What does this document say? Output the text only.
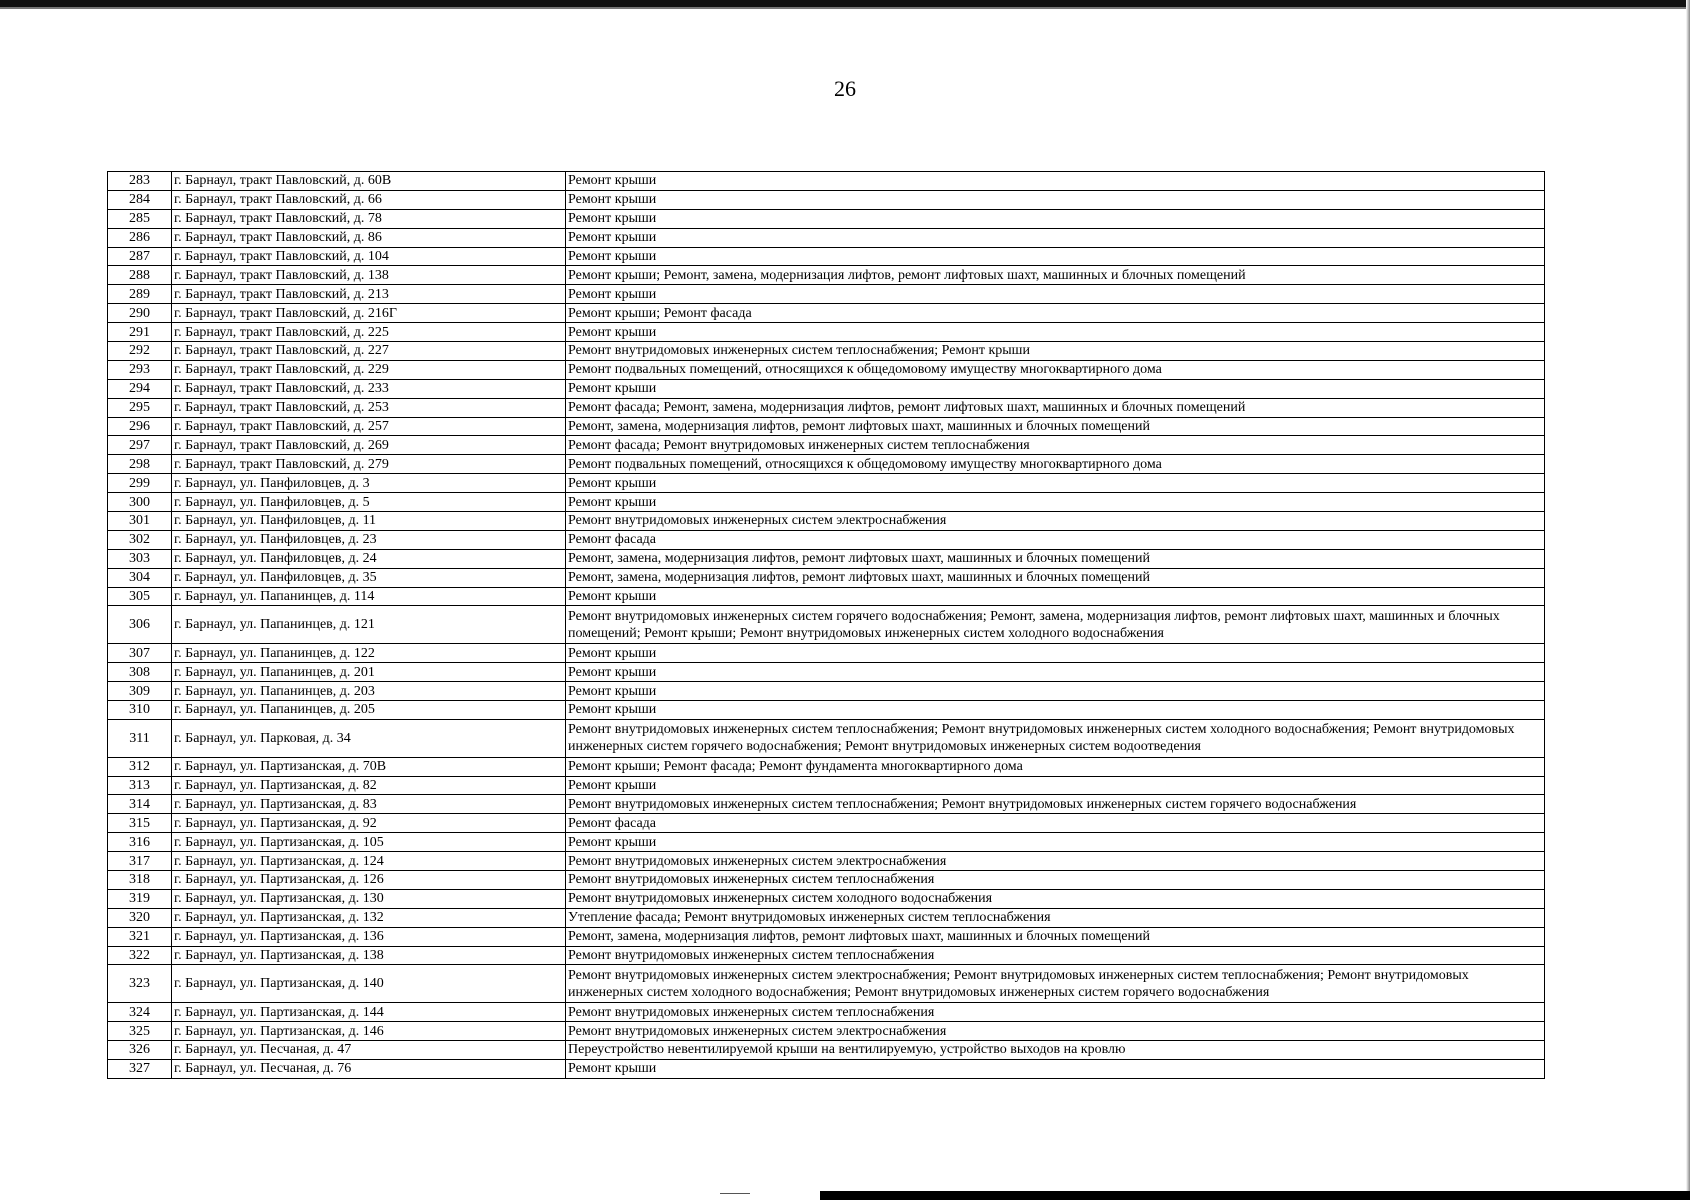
26
283	г. Барнаул, тракт Павловский, д. 60В	Ремонт крыши
284	г. Барнаул, тракт Павловский, д. 66	Ремонт крыши
285	г. Барнаул, тракт Павловский, д. 78	Ремонт крыши
286	г. Барнаул, тракт Павловский, д. 86	Ремонт крыши
287	г. Барнаул, тракт Павловский, д. 104	Ремонт крыши
288	г. Барнаул, тракт Павловский, д. 138	Ремонт крыши; Ремонт, замена, модернизация лифтов, ремонт лифтовых шахт, машинных и блочных помещений
289	г. Барнаул, тракт Павловский, д. 213	Ремонт крыши
290	г. Барнаул, тракт Павловский, д. 216Г	Ремонт крыши; Ремонт фасада
291	г. Барнаул, тракт Павловский, д. 225	Ремонт крыши
292	г. Барнаул, тракт Павловский, д. 227	Ремонт внутридомовых инженерных систем теплоснабжения; Ремонт крыши
293	г. Барнаул, тракт Павловский, д. 229	Ремонт подвальных помещений, относящихся к общедомовому имуществу многоквартирного дома
294	г. Барнаул, тракт Павловский, д. 233	Ремонт крыши
295	г. Барнаул, тракт Павловский, д. 253	Ремонт фасада; Ремонт, замена, модернизация лифтов, ремонт лифтовых шахт, машинных и блочных помещений
296	г. Барнаул, тракт Павловский, д. 257	Ремонт, замена, модернизация лифтов, ремонт лифтовых шахт, машинных и блочных помещений
297	г. Барнаул, тракт Павловский, д. 269	Ремонт фасада; Ремонт внутридомовых инженерных систем теплоснабжения
298	г. Барнаул, тракт Павловский, д. 279	Ремонт подвальных помещений, относящихся к общедомовому имуществу многоквартирного дома
299	г. Барнаул, ул. Панфиловцев, д. 3	Ремонт крыши
300	г. Барнаул, ул. Панфиловцев, д. 5	Ремонт крыши
301	г. Барнаул, ул. Панфиловцев, д. 11	Ремонт внутридомовых инженерных систем электроснабжения
302	г. Барнаул, ул. Панфиловцев, д. 23	Ремонт фасада
303	г. Барнаул, ул. Панфиловцев, д. 24	Ремонт, замена, модернизация лифтов, ремонт лифтовых шахт, машинных и блочных помещений
304	г. Барнаул, ул. Панфиловцев, д. 35	Ремонт, замена, модернизация лифтов, ремонт лифтовых шахт, машинных и блочных помещений
305	г. Барнаул, ул. Папанинцев, д. 114	Ремонт крыши
306	г. Барнаул, ул. Папанинцев, д. 121	Ремонт внутридомовых инженерных систем горячего водоснабжения; Ремонт, замена, модернизация лифтов, ремонт лифтовых шахт, машинных и блочных помещений; Ремонт крыши; Ремонт внутридомовых инженерных систем холодного водоснабжения
307	г. Барнаул, ул. Папанинцев, д. 122	Ремонт крыши
308	г. Барнаул, ул. Папанинцев, д. 201	Ремонт крыши
309	г. Барнаул, ул. Папанинцев, д. 203	Ремонт крыши
310	г. Барнаул, ул. Папанинцев, д. 205	Ремонт крыши
311	г. Барнаул, ул. Парковая, д. 34	Ремонт внутридомовых инженерных систем теплоснабжения; Ремонт внутридомовых инженерных систем холодного водоснабжения; Ремонт внутридомовых инженерных систем горячего водоснабжения; Ремонт внутридомовых инженерных систем водоотведения
312	г. Барнаул, ул. Партизанская, д. 70В	Ремонт крыши; Ремонт фасада; Ремонт фундамента многоквартирного дома
313	г. Барнаул, ул. Партизанская, д. 82	Ремонт крыши
314	г. Барнаул, ул. Партизанская, д. 83	Ремонт внутридомовых инженерных систем теплоснабжения; Ремонт внутридомовых инженерных систем горячего водоснабжения
315	г. Барнаул, ул. Партизанская, д. 92	Ремонт фасада
316	г. Барнаул, ул. Партизанская, д. 105	Ремонт крыши
317	г. Барнаул, ул. Партизанская, д. 124	Ремонт внутридомовых инженерных систем электроснабжения
318	г. Барнаул, ул. Партизанская, д. 126	Ремонт внутридомовых инженерных систем теплоснабжения
319	г. Барнаул, ул. Партизанская, д. 130	Ремонт внутридомовых инженерных систем холодного водоснабжения
320	г. Барнаул, ул. Партизанская, д. 132	Утепление фасада; Ремонт внутридомовых инженерных систем теплоснабжения
321	г. Барнаул, ул. Партизанская, д. 136	Ремонт, замена, модернизация лифтов, ремонт лифтовых шахт, машинных и блочных помещений
322	г. Барнаул, ул. Партизанская, д. 138	Ремонт внутридомовых инженерных систем теплоснабжения
323	г. Барнаул, ул. Партизанская, д. 140	Ремонт внутридомовых инженерных систем электроснабжения; Ремонт внутридомовых инженерных систем теплоснабжения; Ремонт внутридомовых инженерных систем холодного водоснабжения; Ремонт внутридомовых инженерных систем горячего водоснабжения
324	г. Барнаул, ул. Партизанская, д. 144	Ремонт внутридомовых инженерных систем теплоснабжения
325	г. Барнаул, ул. Партизанская, д. 146	Ремонт внутридомовых инженерных систем электроснабжения
326	г. Барнаул, ул. Песчаная, д. 47	Переустройство невентилируемой крыши на вентилируемую, устройство выходов на кровлю
327	г. Барнаул, ул. Песчаная, д. 76	Ремонт крыши
